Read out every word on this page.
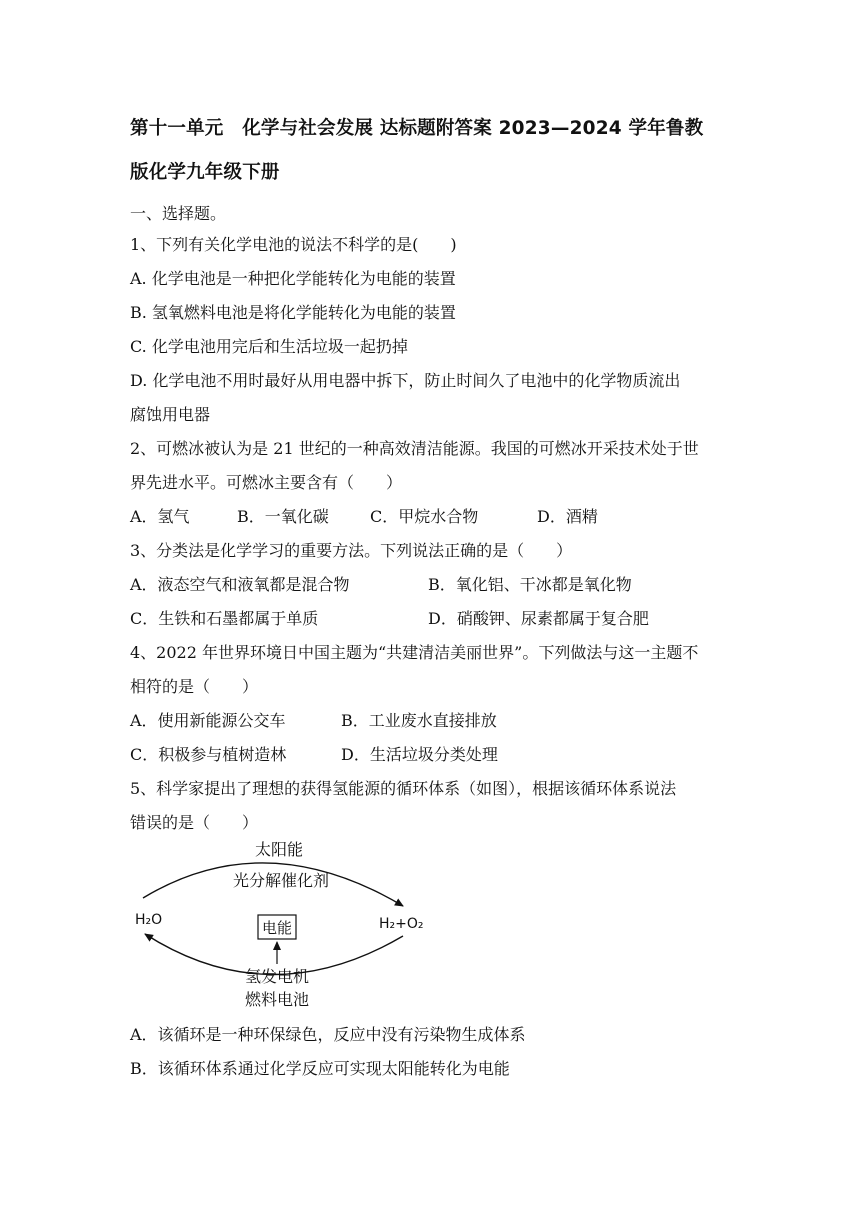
第十一单元　化学与社会发展 达标题附答案 2023—2024 学年鲁教
版化学九年级下册
一、选择题。
1、下列有关化学电池的说法不科学的是(　　)
A. 化学电池是一种把化学能转化为电能的装置
B. 氢氧燃料电池是将化学能转化为电能的装置
C. 化学电池用完后和生活垃圾一起扔掉
D. 化学电池不用时最好从用电器中拆下，防止时间久了电池中的化学物质流出
腐蚀用电器
2、可燃冰被认为是 21 世纪的一种高效清洁能源。我国的可燃冰开采技术处于世
界先进水平。可燃冰主要含有（　　）
A．氢气	B．一氧化碳	C．甲烷水合物	D．酒精
3、分类法是化学学习的重要方法。下列说法正确的是（　　）
A．液态空气和液氧都是混合物	B．氧化铝、干冰都是氧化物
C．生铁和石墨都属于单质	D．硝酸钾、尿素都属于复合肥
4、2022 年世界环境日中国主题为“共建清洁美丽世界”。下列做法与这一主题不
相符的是（　　）
A．使用新能源公交车	B．工业废水直接排放
C．积极参与植树造林	D．生活垃圾分类处理
5、科学家提出了理想的获得氢能源的循环体系（如图），根据该循环体系说法
错误的是（　　）
太阳能
光分解催化剂
H₂O	H₂+O₂
电能
氢发电机
燃料电池
A．该循环是一种环保绿色，反应中没有污染物生成体系
B．该循环体系通过化学反应可实现太阳能转化为电能
